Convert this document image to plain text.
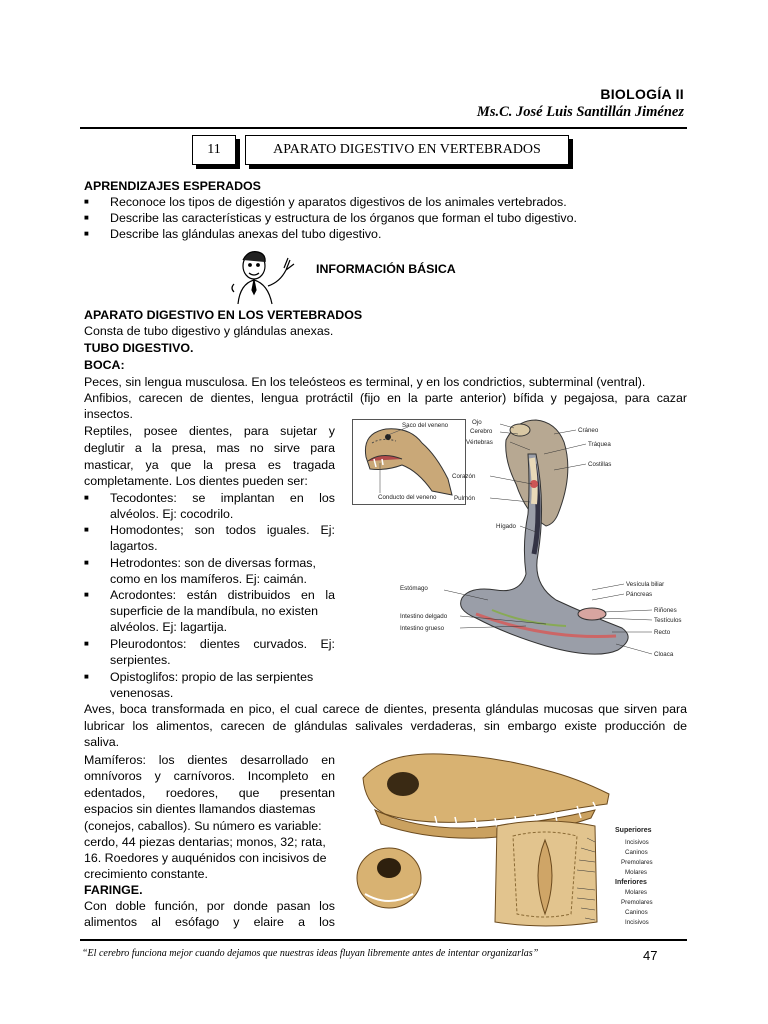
BIOLOGÍA II
Ms.C. José Luis Santillán Jiménez
11	APARATO DIGESTIVO EN VERTEBRADOS
APRENDIZAJES ESPERADOS
■	Reconoce los tipos de digestión y aparatos digestivos de los animales vertebrados.
■	Describe las características y estructura de los órganos que forman el tubo digestivo.
■	Describe las glándulas anexas del tubo digestivo.
INFORMACIÓN BÁSICA
APARATO DIGESTIVO EN LOS VERTEBRADOS
Consta de tubo digestivo y glándulas anexas.
TUBO DIGESTIVO.
BOCA:
Peces, sin lengua musculosa. En los teleósteos es terminal, y en los condrictios, subterminal (ventral).
Anfibios, carecen de dientes, lengua protráctil (fijo en la parte anterior) bífida y pegajosa, para cazar
insectos.
Reptiles, posee dientes, para sujetar y
deglutir a la presa, mas no sirve para
masticar, ya que la presa es tragada
completamente. Los dientes pueden ser:
■	Tecodontes: se implantan en los
alvéolos. Ej: cocodrilo.
■	Homodontes; son todos iguales. Ej:
lagartos.
■	Hetrodontes: son de diversas formas,
como en los mamíferos. Ej: caimán.
■	Acrodontes: están distribuidos en la
superficie de la mandíbula, no existen
alvéolos. Ej: lagartija.
■	Pleurodontos: dientes curvados. Ej:
serpientes.
■	Opistoglifos: propio de las serpientes
venenosas.
Aves, boca transformada en pico, el cual carece de dientes, presenta glándulas mucosas que sirven para
lubricar los alimentos, carecen de glándulas salivales verdaderas, sin embargo existe producción de
saliva.
Mamíferos: los dientes desarrollado en
omnívoros y carnívoros. Incompleto en
edentados, roedores, que presentan
espacios sin dientes llamandos diastemas
(conejos, caballos). Su número es variable:
cerdo, 44 piezas dentarias; monos, 32; rata,
16. Roedores y auquénidos con incisivos de
crecimiento constante.
FARINGE.
Con doble función, por donde pasan los
alimentos al esófago y elaire a los
Saco del veneno
Conducto del veneno
Ojo
Cerebro
Vértebras
Cráneo
Tráquea
Costillas
Corazón
Pulmón
Hígado
Estómago
Vesícula biliar
Páncreas
Riñones
Testículos
Recto
Cloaca
Intestino delgado
Intestino grueso
Superiores
Incisivos
Caninos
Premolares
Molares
Inferiores
Molares
Premolares
Caninos
Incisivos
“El cerebro funciona mejor cuando dejamos que nuestras ideas fluyan libremente antes de intentar organizarlas”	47
